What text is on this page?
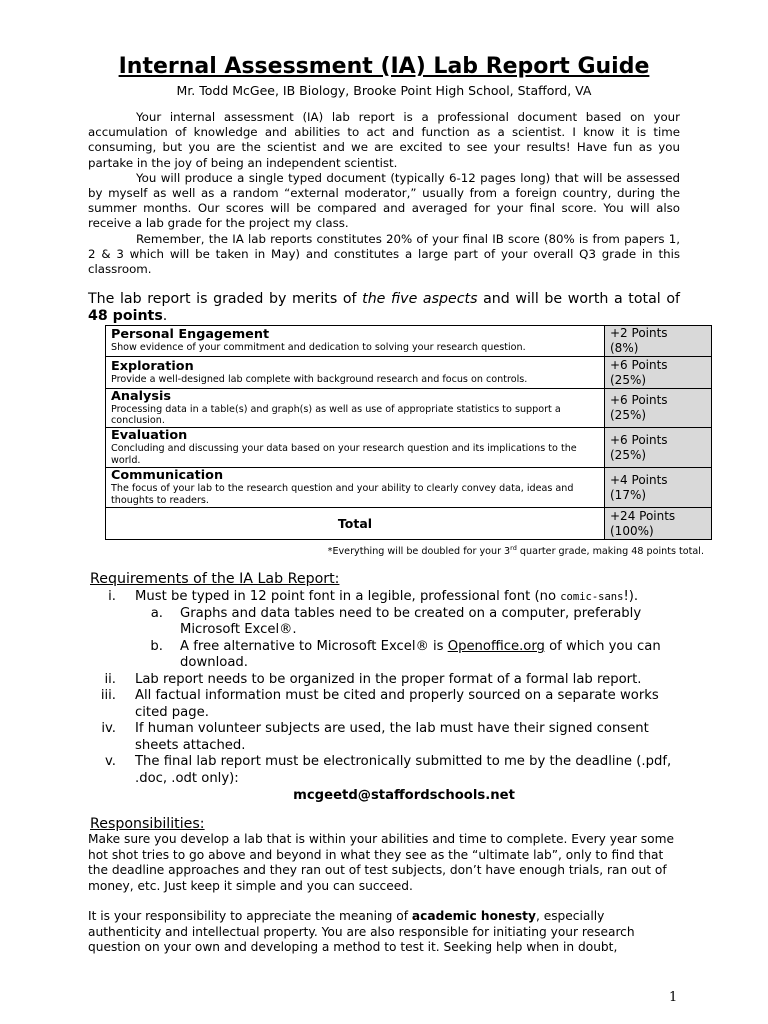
Internal Assessment (IA) Lab Report Guide
Mr. Todd McGee, IB Biology, Brooke Point High School, Stafford, VA

Your internal assessment (IA) lab report is a professional document based on your accumulation of knowledge and abilities to act and function as a scientist. I know it is time consuming, but you are the scientist and we are excited to see your results! Have fun as you partake in the joy of being an independent scientist.

You will produce a single typed document (typically 6-12 pages long) that will be assessed by myself as well as a random “external moderator,” usually from a foreign country, during the summer months. Our scores will be compared and averaged for your final score. You will also receive a lab grade for the project my class.

Remember, the IA lab reports constitutes 20% of your final IB score (80% is from papers 1, 2 & 3 which will be taken in May) and constitutes a large part of your overall Q3 grade in this classroom.

The lab report is graded by merits of the five aspects and will be worth a total of 48 points.

Personal Engagement
Show evidence of your commitment and dedication to solving your research question.	+2 Points
(8%)

Exploration
Provide a well-designed lab complete with background research and focus on controls.	+6 Points
(25%)

Analysis
Processing data in a table(s) and graph(s) as well as use of appropriate statistics to support a conclusion.	+6 Points
(25%)

Evaluation
Concluding and discussing your data based on your research question and its implications to the world.	+6 Points
(25%)

Communication
The focus of your lab to the research question and your ability to clearly convey data, ideas and thoughts to readers.	+4 Points
(17%)
Total	+24 Points
(100%)
*Everything will be doubled for your 3rd quarter grade, making 48 points total.
Requirements of the IA Lab Report:
i. Must be typed in 12 point font in a legible, professional font (no comic-sans!).
a. Graphs and data tables need to be created on a computer, preferably Microsoft Excel®.
b. A free alternative to Microsoft Excel® is Openoffice.org of which you can download.
ii. Lab report needs to be organized in the proper format of a formal lab report.
iii. All factual information must be cited and properly sourced on a separate works cited page.
iv. If human volunteer subjects are used, the lab must have their signed consent sheets attached.
v. The final lab report must be electronically submitted to me by the deadline (.pdf, .doc, .odt only):
mcgeetd@staffordschools.net
Responsibilities:

Make sure you develop a lab that is within your abilities and time to complete. Every year some hot shot tries to go above and beyond in what they see as the “ultimate lab”, only to find that the deadline approaches and they ran out of test subjects, don’t have enough trials, ran out of money, etc. Just keep it simple and you can succeed.

It is your responsibility to appreciate the meaning of academic honesty, especially authenticity and intellectual property. You are also responsible for initiating your research question on your own and developing a method to test it. Seeking help when in doubt,

1
